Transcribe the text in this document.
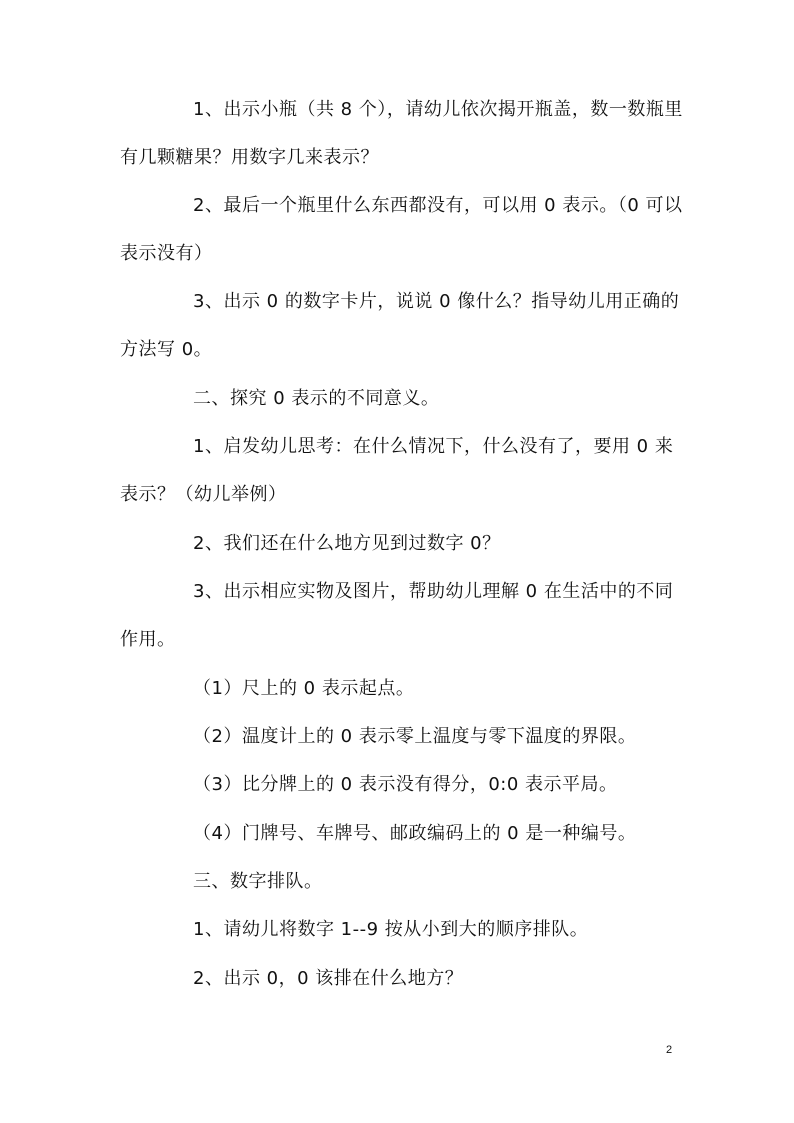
1、出示小瓶（共 8 个），请幼儿依次揭开瓶盖，数一数瓶里
有几颗糖果？用数字几来表示？
2、最后一个瓶里什么东西都没有，可以用 0 表示。（0 可以
表示没有）
3、出示 0 的数字卡片，说说 0 像什么？指导幼儿用正确的
方法写 0。
二、探究 0 表示的不同意义。
1、启发幼儿思考：在什么情况下，什么没有了，要用 0 来
表示？（幼儿举例）
2、我们还在什么地方见到过数字 0？
3、出示相应实物及图片，帮助幼儿理解 0 在生活中的不同
作用。
（1）尺上的 0 表示起点。
（2）温度计上的 0 表示零上温度与零下温度的界限。
（3）比分牌上的 0 表示没有得分，0:0 表示平局。
（4）门牌号、车牌号、邮政编码上的 0 是一种编号。
三、数字排队。
1、请幼儿将数字 1--9 按从小到大的顺序排队。
2、出示 0，0 该排在什么地方？
2
